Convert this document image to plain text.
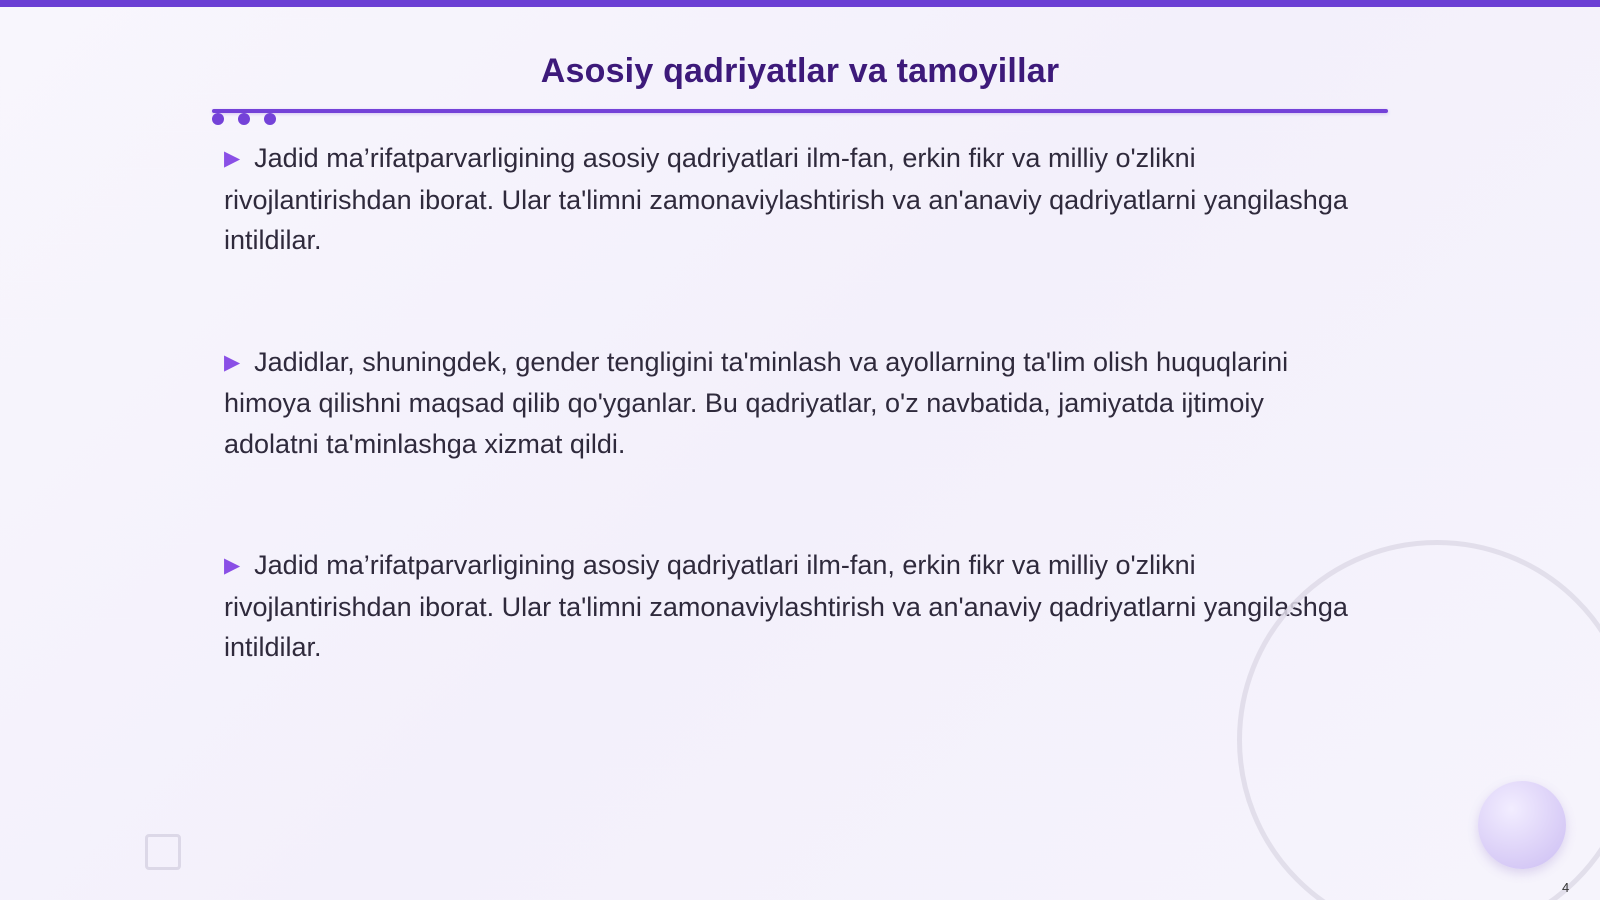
Asosiy qadriyatlar va tamoyillar

▶ Jadid ma’rifatparvarligining asosiy qadriyatlari ilm-fan, erkin fikr va milliy o'zlikni rivojlantirishdan iborat. Ular ta'limni zamonaviylashtirish va an'anaviy qadriyatlarni yangilashga intildilar.

▶ Jadidlar, shuningdek, gender tengligini ta'minlash va ayollarning ta'lim olish huquqlarini himoya qilishni maqsad qilib qo'yganlar. Bu qadriyatlar, o'z navbatida, jamiyatda ijtimoiy adolatni ta'minlashga xizmat qildi.

▶ Jadid ma’rifatparvarligining asosiy qadriyatlari ilm-fan, erkin fikr va milliy o'zlikni rivojlantirishdan iborat. Ular ta'limni zamonaviylashtirish va an'anaviy qadriyatlarni yangilashga intildilar.

4
